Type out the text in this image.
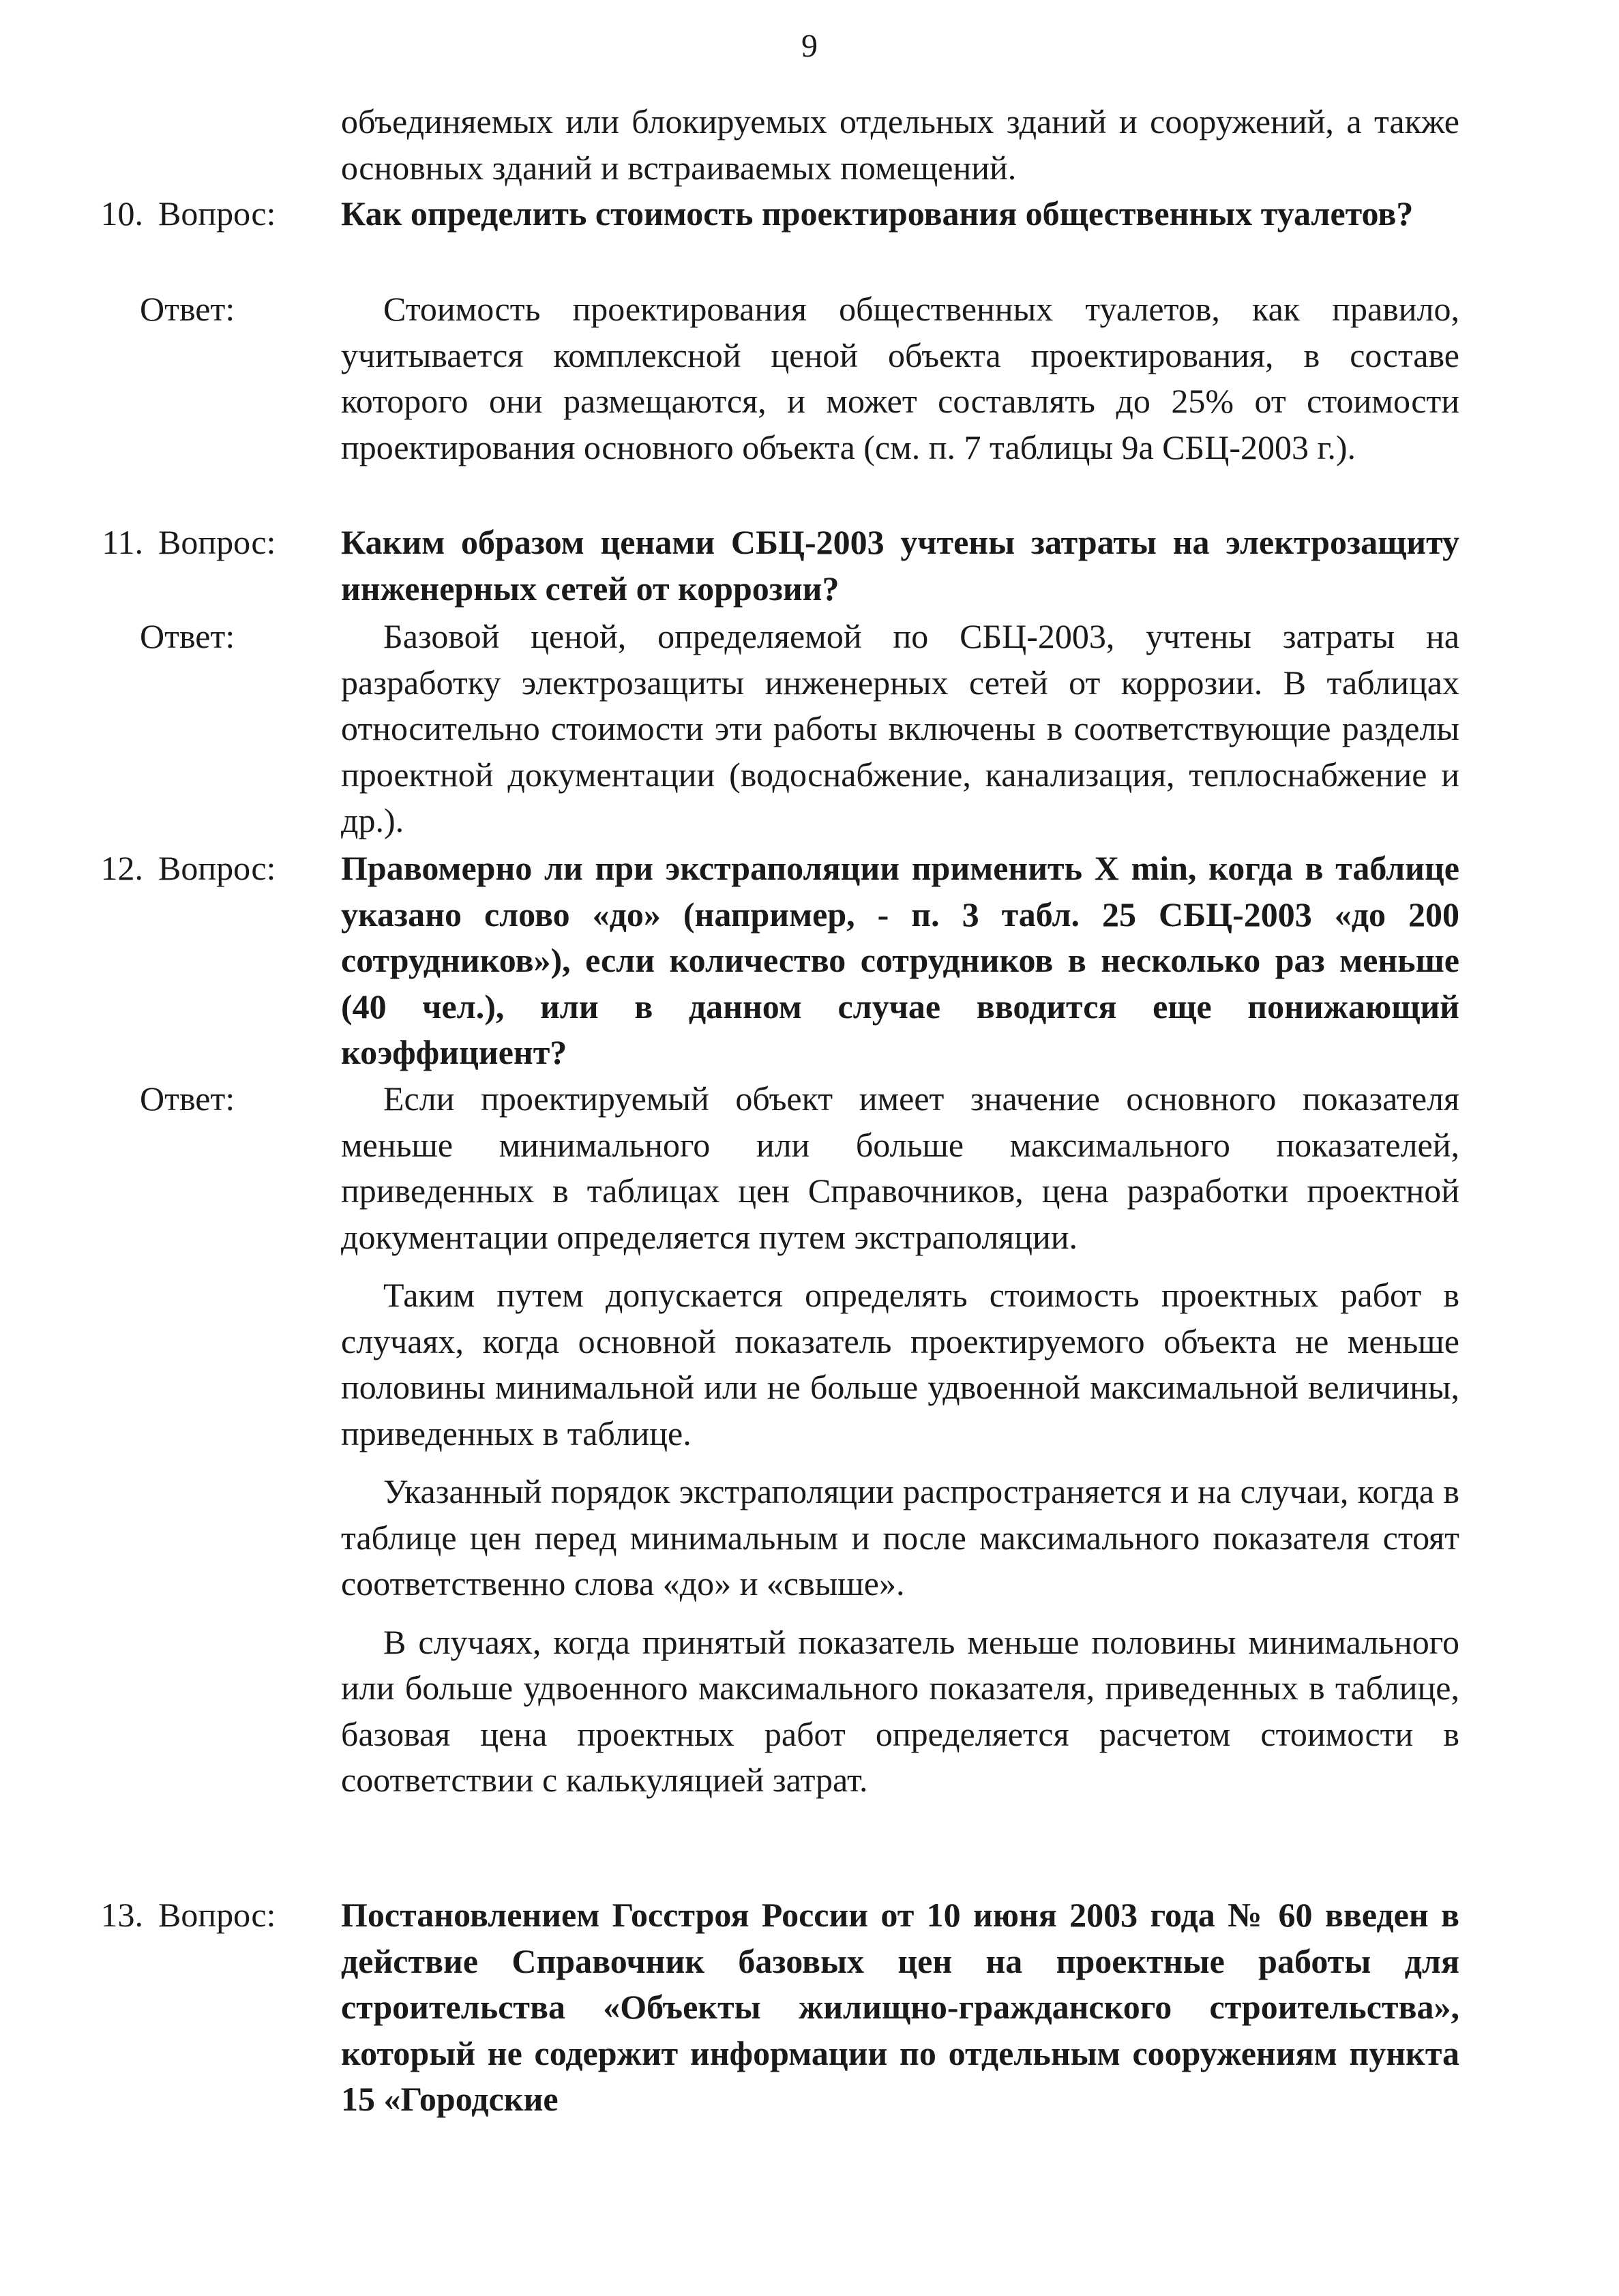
9
объединяемых или блокируемых отдельных зданий и сооружений, а также основных зданий и встраиваемых помещений.
10. Вопрос: Как определить стоимость проектирования общественных туалетов?
Ответ:	Стоимость проектирования общественных туалетов, как правило, учитывается комплексной ценой объекта проектирования, в составе которого они размещаются, и может составлять до 25% от стоимости проектирования основного объекта (см. п. 7 таблицы 9а СБЦ-2003 г.).
11. Вопрос: Каким образом ценами СБЦ-2003 учтены затраты на электрозащиту инженерных сетей от коррозии?
Ответ:	Базовой ценой, определяемой по СБЦ-2003, учтены затраты на разработку электрозащиты инженерных сетей от коррозии. В таблицах относительно стоимости эти работы включены в соответствующие разделы проектной документации (водоснабжение, канализация, теплоснабжение и др.).
12. Вопрос: Правомерно ли при экстраполяции применить X min, когда в таблице указано слово «до» (например, - п. 3 табл. 25 СБЦ-2003 «до 200 сотрудников»), если количество сотрудников в несколько раз меньше (40 чел.), или в данном случае вводится еще понижающий коэффициент?
Ответ:	Если проектируемый объект имеет значение основного показателя меньше минимального или больше максимального показателей, приведенных в таблицах цен Справочников, цена разработки проектной документации определяется путем экстраполяции.
Таким путем допускается определять стоимость проектных работ в случаях, когда основной показатель проектируемого объекта не меньше половины минимальной или не больше удвоенной максимальной величины, приведенных в таблице.
Указанный порядок экстраполяции распространяется и на случаи, когда в таблице цен перед минимальным и после максимального показателя стоят соответственно слова «до» и «свыше».
В случаях, когда принятый показатель меньше половины минимального или больше удвоенного максимального показателя, приведенных в таблице, базовая цена проектных работ определяется расчетом стоимости в соответствии с калькуляцией затрат.
13. Вопрос: Постановлением Госстроя России от 10 июня 2003 года № 60 введен в действие Справочник базовых цен на проектные работы для строительства «Объекты жилищно-гражданского строительства», который не содержит информации по отдельным сооружениям пункта 15 «Городские
